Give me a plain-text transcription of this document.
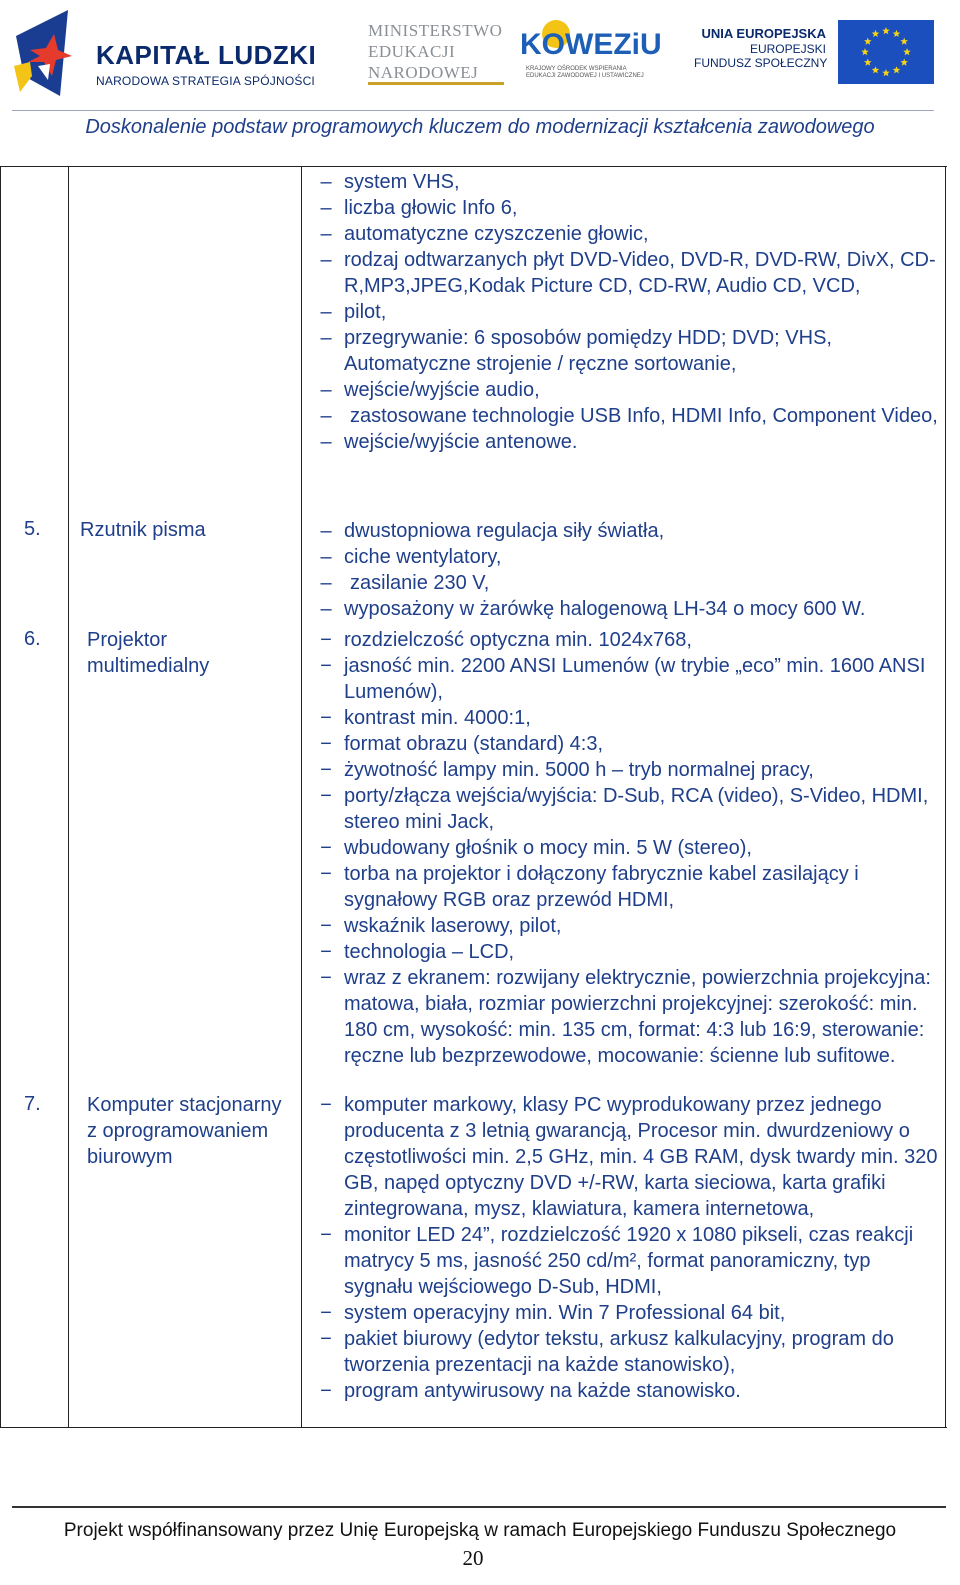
KAPITAŁ LUDZKI
NARODOWA STRATEGIA SPÓJNOŚCI
MINISTERSTWO
EDUKACJI
NARODOWEJ
KOWEZiU
KRAJOWY OŚRODEK WSPIERANIA
EDUKACJI ZAWODOWEJ I USTAWICZNEJ
UNIA EUROPEJSKA
EUROPEJSKI
FUNDUSZ SPOŁECZNY
Doskonalenie podstaw programowych kluczem do modernizacji kształcenia zawodowego
– system VHS,
– liczba głowic Info 6,
– automatyczne czyszczenie głowic,
– rodzaj odtwarzanych płyt DVD-Video, DVD-R, DVD-RW, DivX, CD-R,MP3,JPEG,Kodak Picture CD, CD-RW, Audio CD, VCD,
– pilot,
– przegrywanie: 6 sposobów pomiędzy HDD; DVD; VHS, Automatyczne strojenie / ręczne sortowanie,
– wejście/wyjście audio,
– zastosowane technologie USB Info, HDMI Info, Component Video,
– wejście/wyjście antenowe.
5. Rzutnik pisma	– dwustopniowa regulacja siły światła,
– ciche wentylatory,
– zasilanie 230 V,
– wyposażony w żarówkę halogenową LH-34 o mocy 600 W.
6. Projektor multimedialny
− rozdzielczość optyczna min. 1024x768,
− jasność min. 2200 ANSI Lumenów (w trybie „eco” min. 1600 ANSI Lumenów),
− kontrast min. 4000:1,
− format obrazu (standard) 4:3,
− żywotność lampy min. 5000 h – tryb normalnej pracy,
− porty/złącza wejścia/wyjścia: D-Sub, RCA (video), S-Video, HDMI, stereo mini Jack,
− wbudowany głośnik o mocy min. 5 W (stereo),
− torba na projektor i dołączony fabrycznie kabel zasilający i sygnałowy RGB oraz przewód HDMI,
− wskaźnik laserowy, pilot,
− technologia – LCD,
− wraz z ekranem: rozwijany elektrycznie, powierzchnia projekcyjna: matowa, biała, rozmiar powierzchni projekcyjnej: szerokość: min. 180 cm, wysokość: min. 135 cm, format: 4:3 lub 16:9, sterowanie: ręczne lub bezprzewodowe, mocowanie: ścienne lub sufitowe.
7. Komputer stacjonarny z oprogramowaniem biurowym
− komputer markowy, klasy PC wyprodukowany przez jednego producenta z 3 letnią gwarancją, Procesor min. dwurdzeniowy o częstotliwości min. 2,5 GHz, min. 4 GB RAM, dysk twardy min. 320 GB, napęd optyczny DVD +/-RW, karta sieciowa, karta grafiki zintegrowana, mysz, klawiatura, kamera internetowa,
− monitor LED 24”, rozdzielczość 1920 x 1080 pikseli, czas reakcji matrycy 5 ms, jasność 250 cd/m², format panoramiczny, typ sygnału wejściowego D-Sub, HDMI,
− system operacyjny min. Win 7 Professional 64 bit,
− pakiet biurowy (edytor tekstu, arkusz kalkulacyjny, program do tworzenia prezentacji na każde stanowisko),
− program antywirusowy na każde stanowisko.
Projekt współfinansowany przez Unię Europejską w ramach Europejskiego Funduszu Społecznego
20
